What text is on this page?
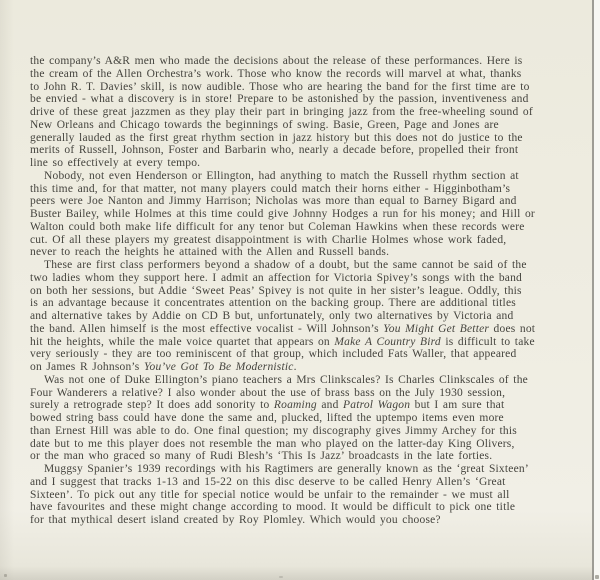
the company’s A&R men who made the decisions about the release of these performances. Here is
the cream of the Allen Orchestra’s work. Those who know the records will marvel at what, thanks
to John R. T. Davies’ skill, is now audible. Those who are hearing the band for the first time are to
be envied - what a discovery is in store! Prepare to be astonished by the passion, inventiveness and
drive of these great jazzmen as they play their part in bringing jazz from the free-wheeling sound of
New Orleans and Chicago towards the beginnings of swing. Basie, Green, Page and Jones are
generally lauded as the first great rhythm section in jazz history but this does not do justice to the
merits of Russell, Johnson, Foster and Barbarin who, nearly a decade before, propelled their front
line so effectively at every tempo.
Nobody, not even Henderson or Ellington, had anything to match the Russell rhythm section at
this time and, for that matter, not many players could match their horns either - Higginbotham’s
peers were Joe Nanton and Jimmy Harrison; Nicholas was more than equal to Barney Bigard and
Buster Bailey, while Holmes at this time could give Johnny Hodges a run for his money; and Hill or
Walton could both make life difficult for any tenor but Coleman Hawkins when these records were
cut. Of all these players my greatest disappointment is with Charlie Holmes whose work faded,
never to reach the heights he attained with the Allen and Russell bands.
These are first class performers beyond a shadow of a doubt, but the same cannot be said of the
two ladies whom they support here. I admit an affection for Victoria Spivey’s songs with the band
on both her sessions, but Addie ‘Sweet Peas’ Spivey is not quite in her sister’s league. Oddly, this
is an advantage because it concentrates attention on the backing group. There are additional titles
and alternative takes by Addie on CD B but, unfortunately, only two alternatives by Victoria and
the band. Allen himself is the most effective vocalist - Will Johnson’s You Might Get Better does not
hit the heights, while the male voice quartet that appears on Make A Country Bird is difficult to take
very seriously - they are too reminiscent of that group, which included Fats Waller, that appeared
on James R Johnson’s You’ve Got To Be Modernistic.
Was not one of Duke Ellington’s piano teachers a Mrs Clinkscales? Is Charles Clinkscales of the
Four Wanderers a relative? I also wonder about the use of brass bass on the July 1930 session,
surely a retrograde step? It does add sonority to Roaming and Patrol Wagon but I am sure that
bowed string bass could have done the same and, plucked, lifted the uptempo items even more
than Ernest Hill was able to do. One final question; my discography gives Jimmy Archey for this
date but to me this player does not resemble the man who played on the latter-day King Olivers,
or the man who graced so many of Rudi Blesh’s ‘This Is Jazz’ broadcasts in the late forties.
Muggsy Spanier’s 1939 recordings with his Ragtimers are generally known as the ‘great Sixteen’
and I suggest that tracks 1-13 and 15-22 on this disc deserve to be called Henry Allen’s ‘Great
Sixteen’. To pick out any title for special notice would be unfair to the remainder - we must all
have favourites and these might change according to mood. It would be difficult to pick one title
for that mythical desert island created by Roy Plomley. Which would you choose?
